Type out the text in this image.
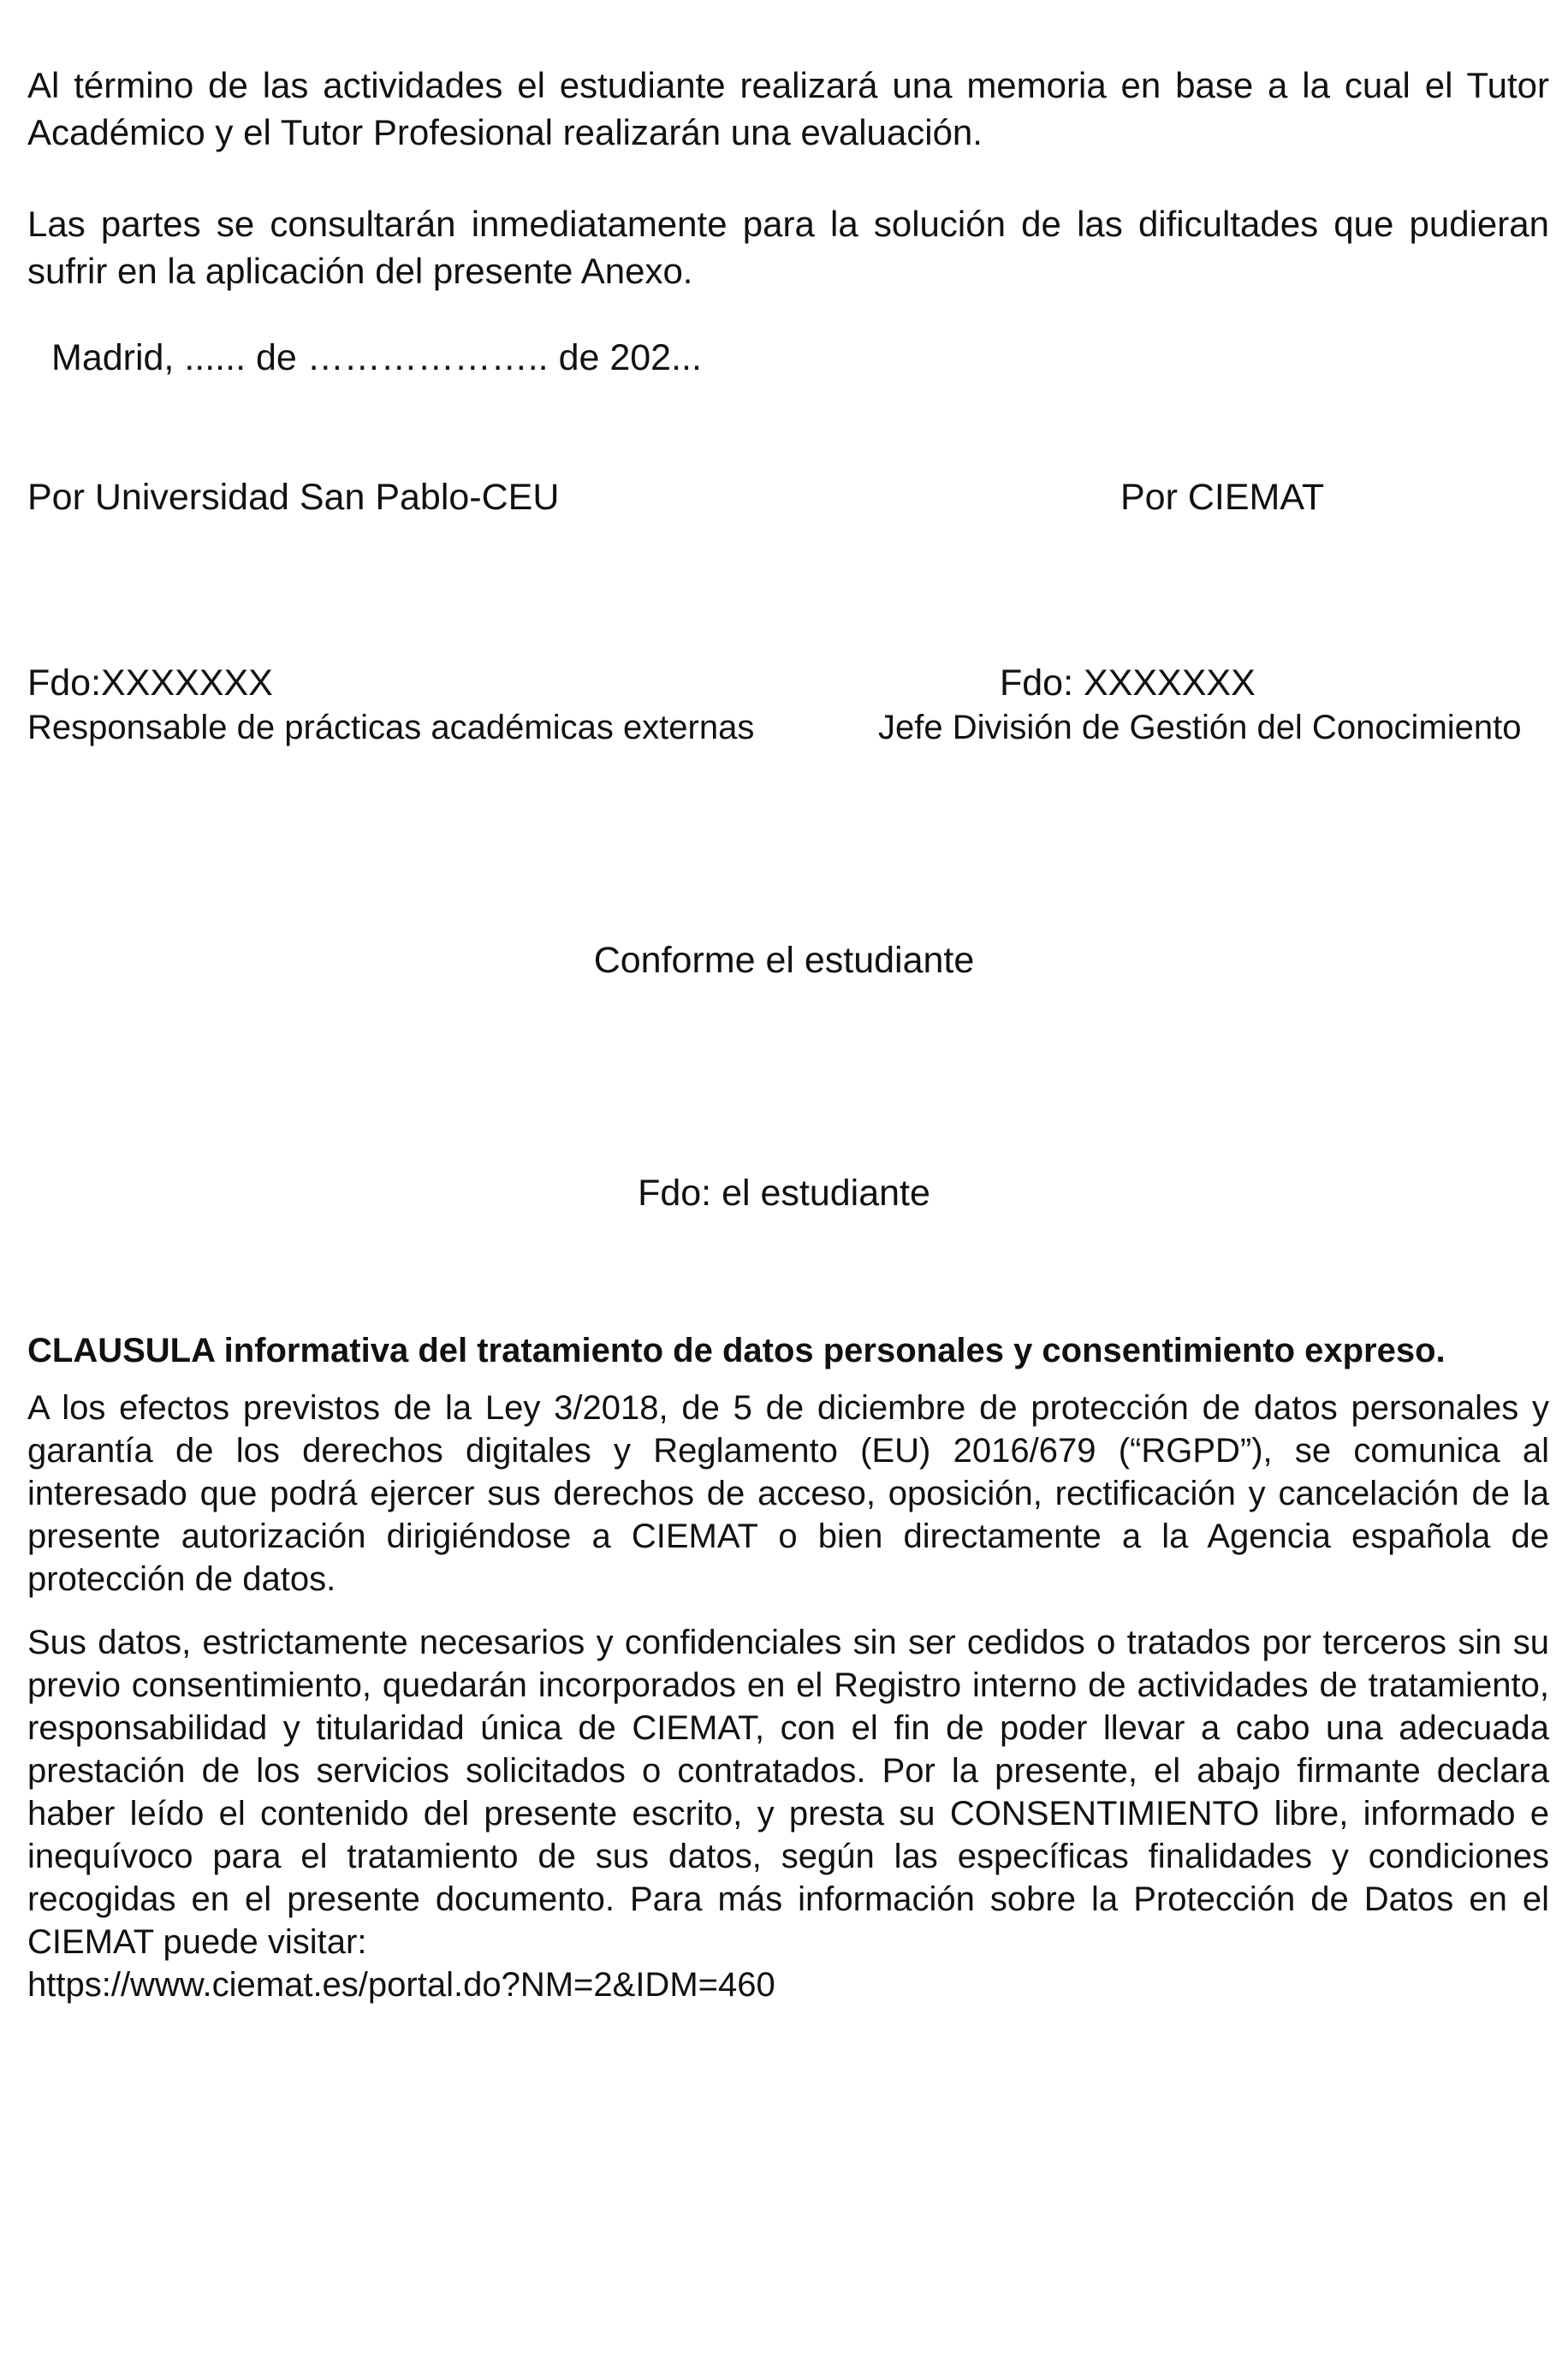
Al término de las actividades el estudiante realizará una memoria en base a la cual el Tutor Académico y el Tutor Profesional realizarán una evaluación.

Las partes se consultarán inmediatamente para la solución de las dificultades que pudieran sufrir en la aplicación del presente Anexo.

Madrid, ...... de ……………….. de 202...
Por Universidad San Pablo-CEU	Por CIEMAT
Fdo:XXXXXXX	Fdo: XXXXXXX
Responsable de prácticas académicas externas	Jefe División de Gestión del Conocimiento
Conforme el estudiante
Fdo: el estudiante

CLAUSULA informativa del tratamiento de datos personales y consentimiento expreso.

A los efectos previstos de la Ley 3/2018, de 5 de diciembre de protección de datos personales y garantía de los derechos digitales y Reglamento (EU) 2016/679 (“RGPD”), se comunica al interesado que podrá ejercer sus derechos de acceso, oposición, rectificación y cancelación de la presente autorización dirigiéndose a CIEMAT o bien directamente a la Agencia española de protección de datos.

Sus datos, estrictamente necesarios y confidenciales sin ser cedidos o tratados por terceros sin su previo consentimiento, quedarán incorporados en el Registro interno de actividades de tratamiento, responsabilidad y titularidad única de CIEMAT, con el fin de poder llevar a cabo una adecuada prestación de los servicios solicitados o contratados. Por la presente, el abajo firmante declara haber leído el contenido del presente escrito, y presta su CONSENTIMIENTO libre, informado e inequívoco para el tratamiento de sus datos, según las específicas finalidades y condiciones recogidas en el presente documento. Para más información sobre la Protección de Datos en el CIEMAT puede visitar:

https://www.ciemat.es/portal.do?NM=2&IDM=460
